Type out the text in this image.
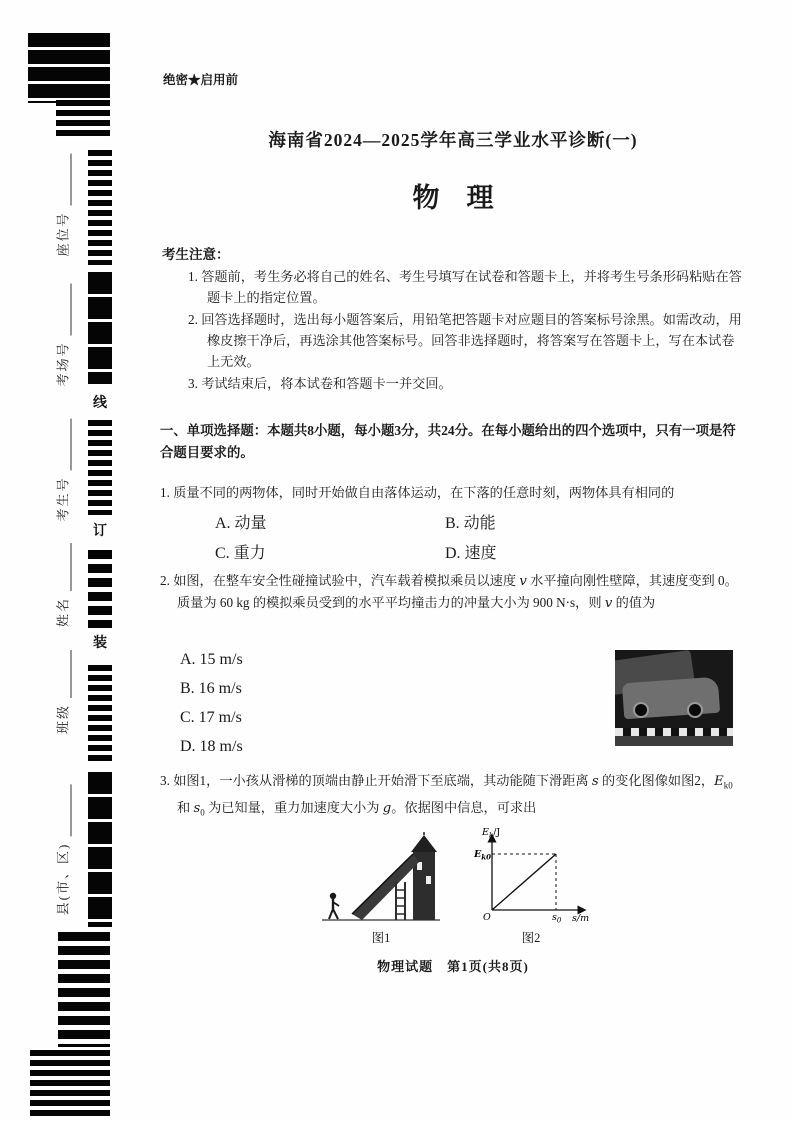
座位号
考场号
考生号
姓名
班级
县(市、区)
线
订
装
绝密★启用前
海南省2024—2025学年高三学业水平诊断(一)
物　理
考生注意：
1. 答题前，考生务必将自己的姓名、考生号填写在试卷和答题卡上，并将考生号条形码粘贴在答题卡上的指定位置。
2. 回答选择题时，选出每小题答案后，用铅笔把答题卡对应题目的答案标号涂黑。如需改动，用橡皮擦干净后，再选涂其他答案标号。回答非选择题时，将答案写在答题卡上，写在本试卷上无效。
3. 考试结束后，将本试卷和答题卡一并交回。
一、单项选择题：本题共8小题，每小题3分，共24分。在每小题给出的四个选项中，只有一项是符合题目要求的。
1. 质量不同的两物体，同时开始做自由落体运动，在下落的任意时刻，两物体具有相同的
A. 动量	B. 动能
C. 重力	D. 速度
2. 如图，在整车安全性碰撞试验中，汽车载着模拟乘员以速度 v 水平撞向刚性壁障，其速度变到 0。质量为 60 kg 的模拟乘员受到的水平平均撞击力的冲量大小为 900 N·s，则 v 的值为
A. 15 m/s
B. 16 m/s
C. 17 m/s
D. 18 m/s
3. 如图1，一小孩从滑梯的顶端由静止开始滑下至底端，其动能随下滑距离 s 的变化图像如图2，$E_{k0}$ 和 $s_0$ 为已知量，重力加速度大小为 g。依据图中信息，可求出
图1
$E_k/J$
$E_{k0}$
O	$s_0$ s/m
图2
物理试题　第1页(共8页)
